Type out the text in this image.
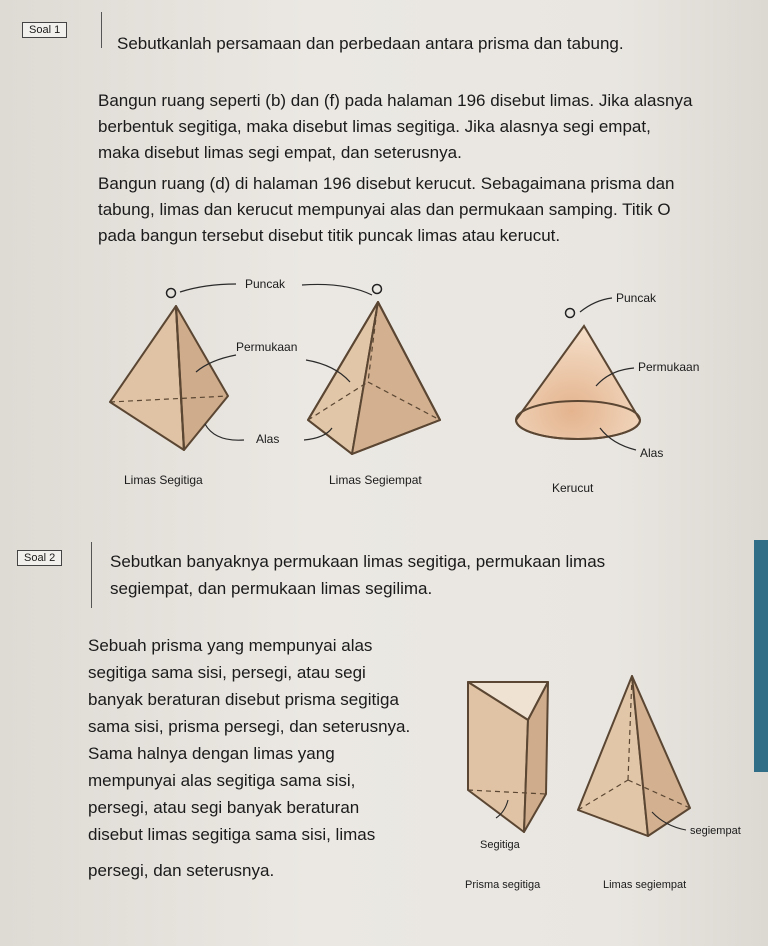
Soal 1
Sebutkanlah persamaan dan perbedaan antara prisma dan tabung.
Bangun ruang seperti (b) dan (f) pada halaman 196 disebut limas. Jika alasnya
berbentuk segitiga, maka disebut limas segitiga. Jika alasnya segi empat,
maka disebut limas segi empat, dan seterusnya.
Bangun ruang (d) di halaman 196 disebut kerucut. Sebagaimana prisma dan
tabung, limas dan kerucut mempunyai alas dan permukaan samping. Titik O
pada bangun tersebut disebut titik puncak limas atau kerucut.
Puncak
Permukaan
Alas
Limas Segitiga	Limas Segiempat
Puncak
Permukaan
Alas
Kerucut
Soal 2	Sebutkan banyaknya permukaan limas segitiga, permukaan limas
segiempat, dan permukaan limas segilima.
Sebuah prisma yang mempunyai alas
segitiga sama sisi, persegi, atau segi
banyak beraturan disebut prisma segitiga
sama sisi, prisma persegi, dan seterusnya.
Sama halnya dengan limas yang
mempunyai alas segitiga sama sisi,
persegi, atau segi banyak beraturan
disebut limas segitiga sama sisi, limas
persegi, dan seterusnya.
Segitiga
segiempat
Prisma segitiga	Limas segiempat
